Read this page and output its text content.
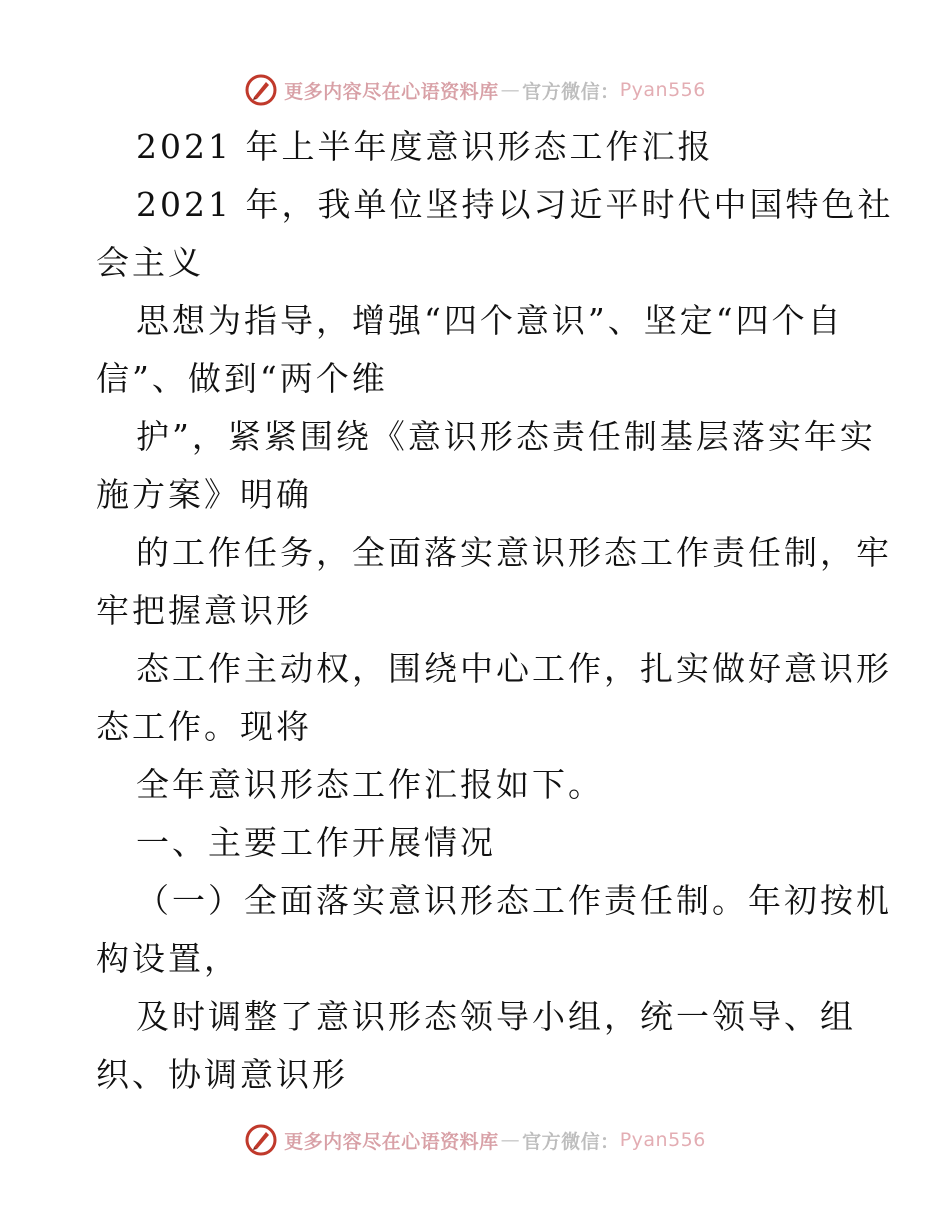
更多内容尽在心语资料库 — 官方微信： Pyan556
2021 年上半年度意识形态工作汇报
2021 年，我单位坚持以习近平时代中国特色社
会主义
思想为指导，增强“四个意识”、坚定“四个自
信”、做到“两个维
护”，紧紧围绕《意识形态责任制基层落实年实
施方案》明确
的工作任务，全面落实意识形态工作责任制，牢
牢把握意识形
态工作主动权，围绕中心工作，扎实做好意识形
态工作。现将
全年意识形态工作汇报如下。
一、主要工作开展情况
（一）全面落实意识形态工作责任制。年初按机
构设置，
及时调整了意识形态领导小组，统一领导、组
织、协调意识形
更多内容尽在心语资料库 — 官方微信： Pyan556
